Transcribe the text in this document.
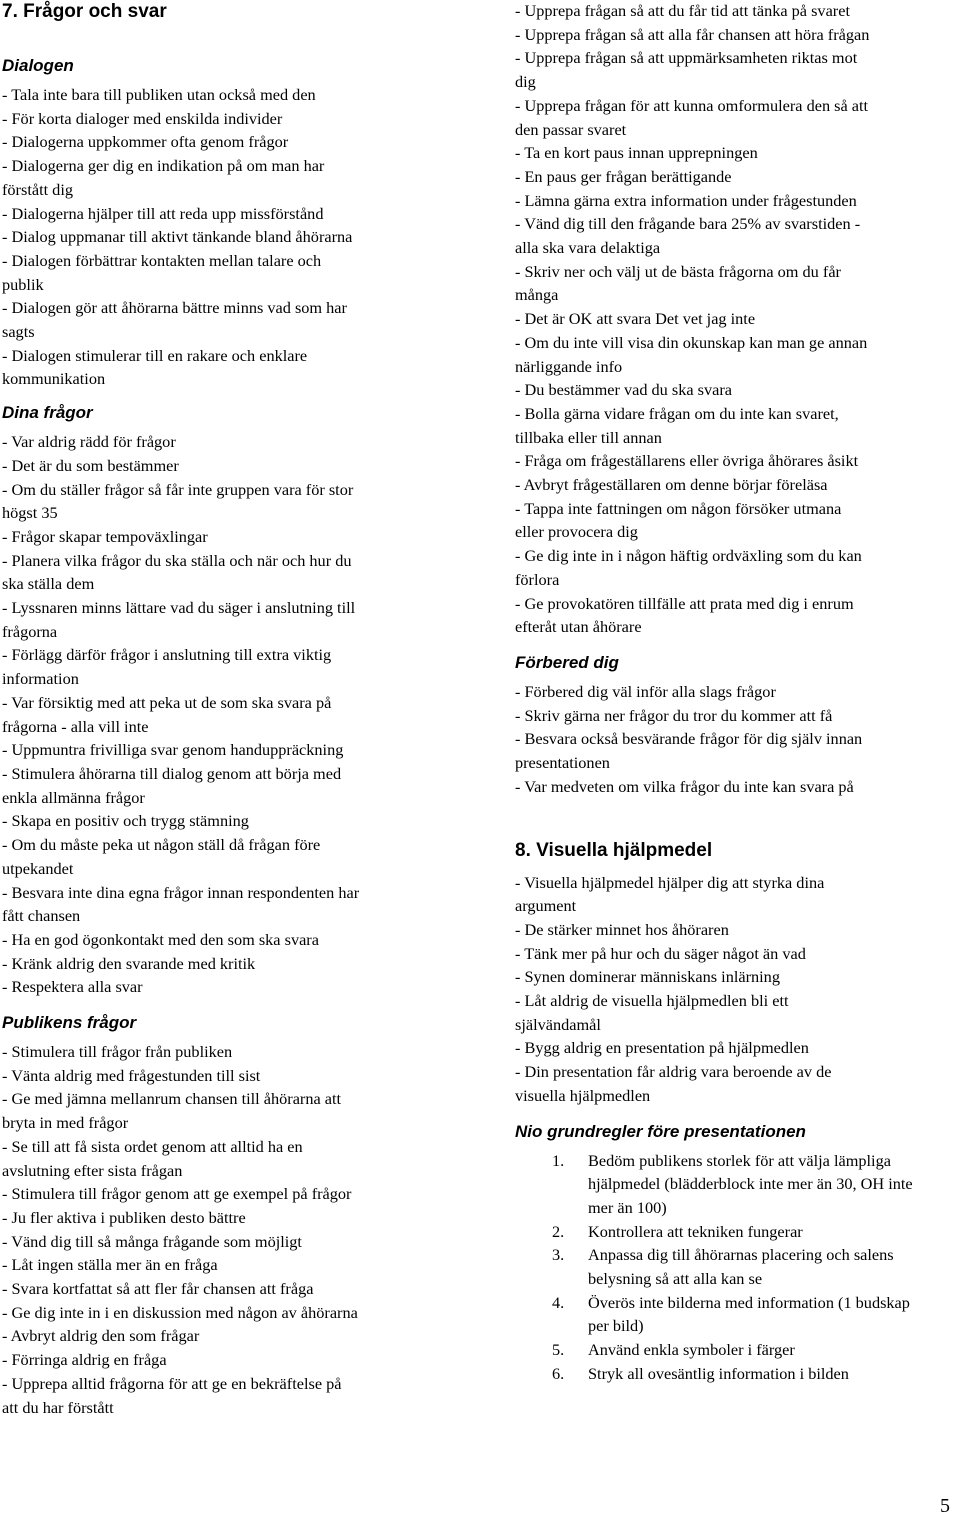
7. Frågor och svar
Dialogen
- Tala inte bara till publiken utan också med den
- För korta dialoger med enskilda individer
- Dialogerna uppkommer ofta genom frågor
- Dialogerna ger dig en indikation på om man har
förstått dig
- Dialogerna hjälper till att reda upp missförstånd
- Dialog uppmanar till aktivt tänkande bland åhörarna
- Dialogen förbättrar kontakten mellan talare och
publik
- Dialogen gör att åhörarna bättre minns vad som har
sagts
- Dialogen stimulerar till en rakare och enklare
kommunikation
Dina frågor
- Var aldrig rädd för frågor
- Det är du som bestämmer
- Om du ställer frågor så får inte gruppen vara för stor
högst 35
- Frågor skapar tempoväxlingar
- Planera vilka frågor du ska ställa och när och hur du
ska ställa dem
- Lyssnaren minns lättare vad du säger i anslutning till
frågorna
- Förlägg därför frågor i anslutning till extra viktig
information
- Var försiktig med att peka ut de som ska svara på
frågorna - alla vill inte
- Uppmuntra frivilliga svar genom handuppräckning
- Stimulera åhörarna till dialog genom att börja med
enkla allmänna frågor
- Skapa en positiv och trygg stämning
- Om du måste peka ut någon ställ då frågan före
utpekandet
- Besvara inte dina egna frågor innan respondenten har
fått chansen
- Ha en god ögonkontakt med den som ska svara
- Kränk aldrig den svarande med kritik
- Respektera alla svar
Publikens frågor
- Stimulera till frågor från publiken
- Vänta aldrig med frågestunden till sist
- Ge med jämna mellanrum chansen till åhörarna att
bryta in med frågor
- Se till att få sista ordet genom att alltid ha en
avslutning efter sista frågan
- Stimulera till frågor genom att ge exempel på frågor
- Ju fler aktiva i publiken desto bättre
- Vänd dig till så många frågande som möjligt
- Låt ingen ställa mer än en fråga
- Svara kortfattat så att fler får chansen att fråga
- Ge dig inte in i en diskussion med någon av åhörarna
- Avbryt aldrig den som frågar
- Förringa aldrig en fråga
- Upprepa alltid frågorna för att ge en bekräftelse på
att du har förstått
- Upprepa frågan så att du får tid att tänka på svaret
- Upprepa frågan så att alla får chansen att höra frågan
- Upprepa frågan så att uppmärksamheten riktas mot
dig
- Upprepa frågan för att kunna omformulera den så att
den passar svaret
- Ta en kort paus innan upprepningen
- En paus ger frågan berättigande
- Lämna gärna extra information under frågestunden
- Vänd dig till den frågande bara 25% av svarstiden -
alla ska vara delaktiga
- Skriv ner och välj ut de bästa frågorna om du får
många
- Det är OK att svara Det vet jag inte
- Om du inte vill visa din okunskap kan man ge annan
närliggande info
- Du bestämmer vad du ska svara
- Bolla gärna vidare frågan om du inte kan svaret,
tillbaka eller till annan
- Fråga om frågeställarens eller övriga åhörares åsikt
- Avbryt frågeställaren om denne börjar föreläsa
- Tappa inte fattningen om någon försöker utmana
eller provocera dig
- Ge dig inte in i någon häftig ordväxling som du kan
förlora
- Ge provokatören tillfälle att prata med dig i enrum
efteråt utan åhörare
Förbered dig
- Förbered dig väl inför alla slags frågor
- Skriv gärna ner frågor du tror du kommer att få
- Besvara också besvärande frågor för dig själv innan
presentationen
- Var medveten om vilka frågor du inte kan svara på
8. Visuella hjälpmedel
- Visuella hjälpmedel hjälper dig att styrka dina
argument
- De stärker minnet hos åhöraren
- Tänk mer på hur och du säger något än vad
- Synen dominerar människans inlärning
- Låt aldrig de visuella hjälpmedlen bli ett
självändamål
- Bygg aldrig en presentation på hjälpmedlen
- Din presentation får aldrig vara beroende av de
visuella hjälpmedlen
Nio grundregler före presentationen
1.	Bedöm publikens storlek för att välja lämpliga hjälpmedel (blädderblock inte mer än 30, OH inte mer än 100)
2.	Kontrollera att tekniken fungerar
3.	Anpassa dig till åhörarnas placering och salens belysning så att alla kan se
4.	Överös inte bilderna med information (1 budskap per bild)
5.	Använd enkla symboler i färger
6.	Stryk all ovesäntlig information i bilden
5
